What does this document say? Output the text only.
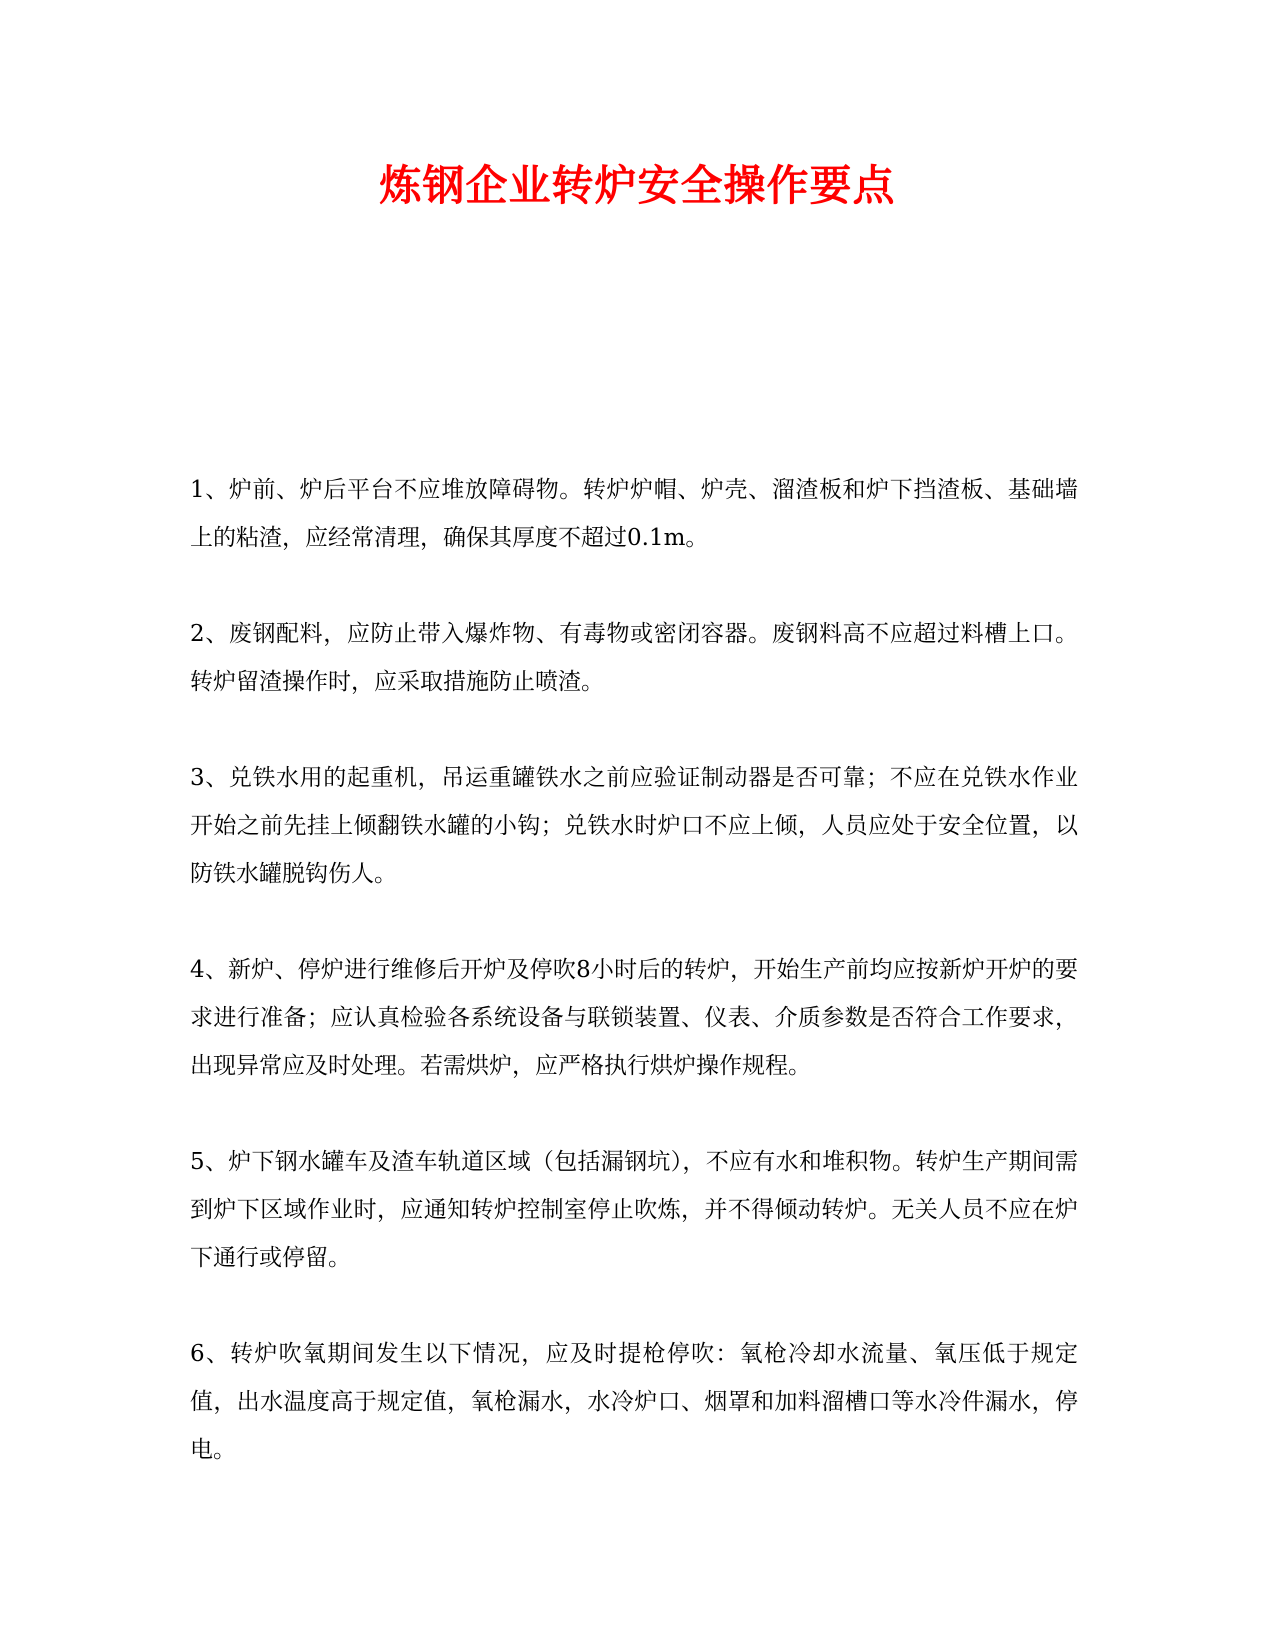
炼钢企业转炉安全操作要点

1、炉前、炉后平台不应堆放障碍物。转炉炉帽、炉壳、溜渣板和炉下挡渣板、基础墙上的粘渣，应经常清理，确保其厚度不超过0.1m。

2、废钢配料，应防止带入爆炸物、有毒物或密闭容器。废钢料高不应超过料槽上口。转炉留渣操作时，应采取措施防止喷渣。

3、兑铁水用的起重机，吊运重罐铁水之前应验证制动器是否可靠；不应在兑铁水作业开始之前先挂上倾翻铁水罐的小钩；兑铁水时炉口不应上倾，人员应处于安全位置，以防铁水罐脱钩伤人。

4、新炉、停炉进行维修后开炉及停吹8小时后的转炉，开始生产前均应按新炉开炉的要求进行准备；应认真检验各系统设备与联锁装置、仪表、介质参数是否符合工作要求，出现异常应及时处理。若需烘炉，应严格执行烘炉操作规程。

5、炉下钢水罐车及渣车轨道区域（包括漏钢坑），不应有水和堆积物。转炉生产期间需到炉下区域作业时，应通知转炉控制室停止吹炼，并不得倾动转炉。无关人员不应在炉下通行或停留。

6、转炉吹氧期间发生以下情况，应及时提枪停吹：氧枪冷却水流量、氧压低于规定值，出水温度高于规定值，氧枪漏水，水冷炉口、烟罩和加料溜槽口等水冷件漏水，停电。
